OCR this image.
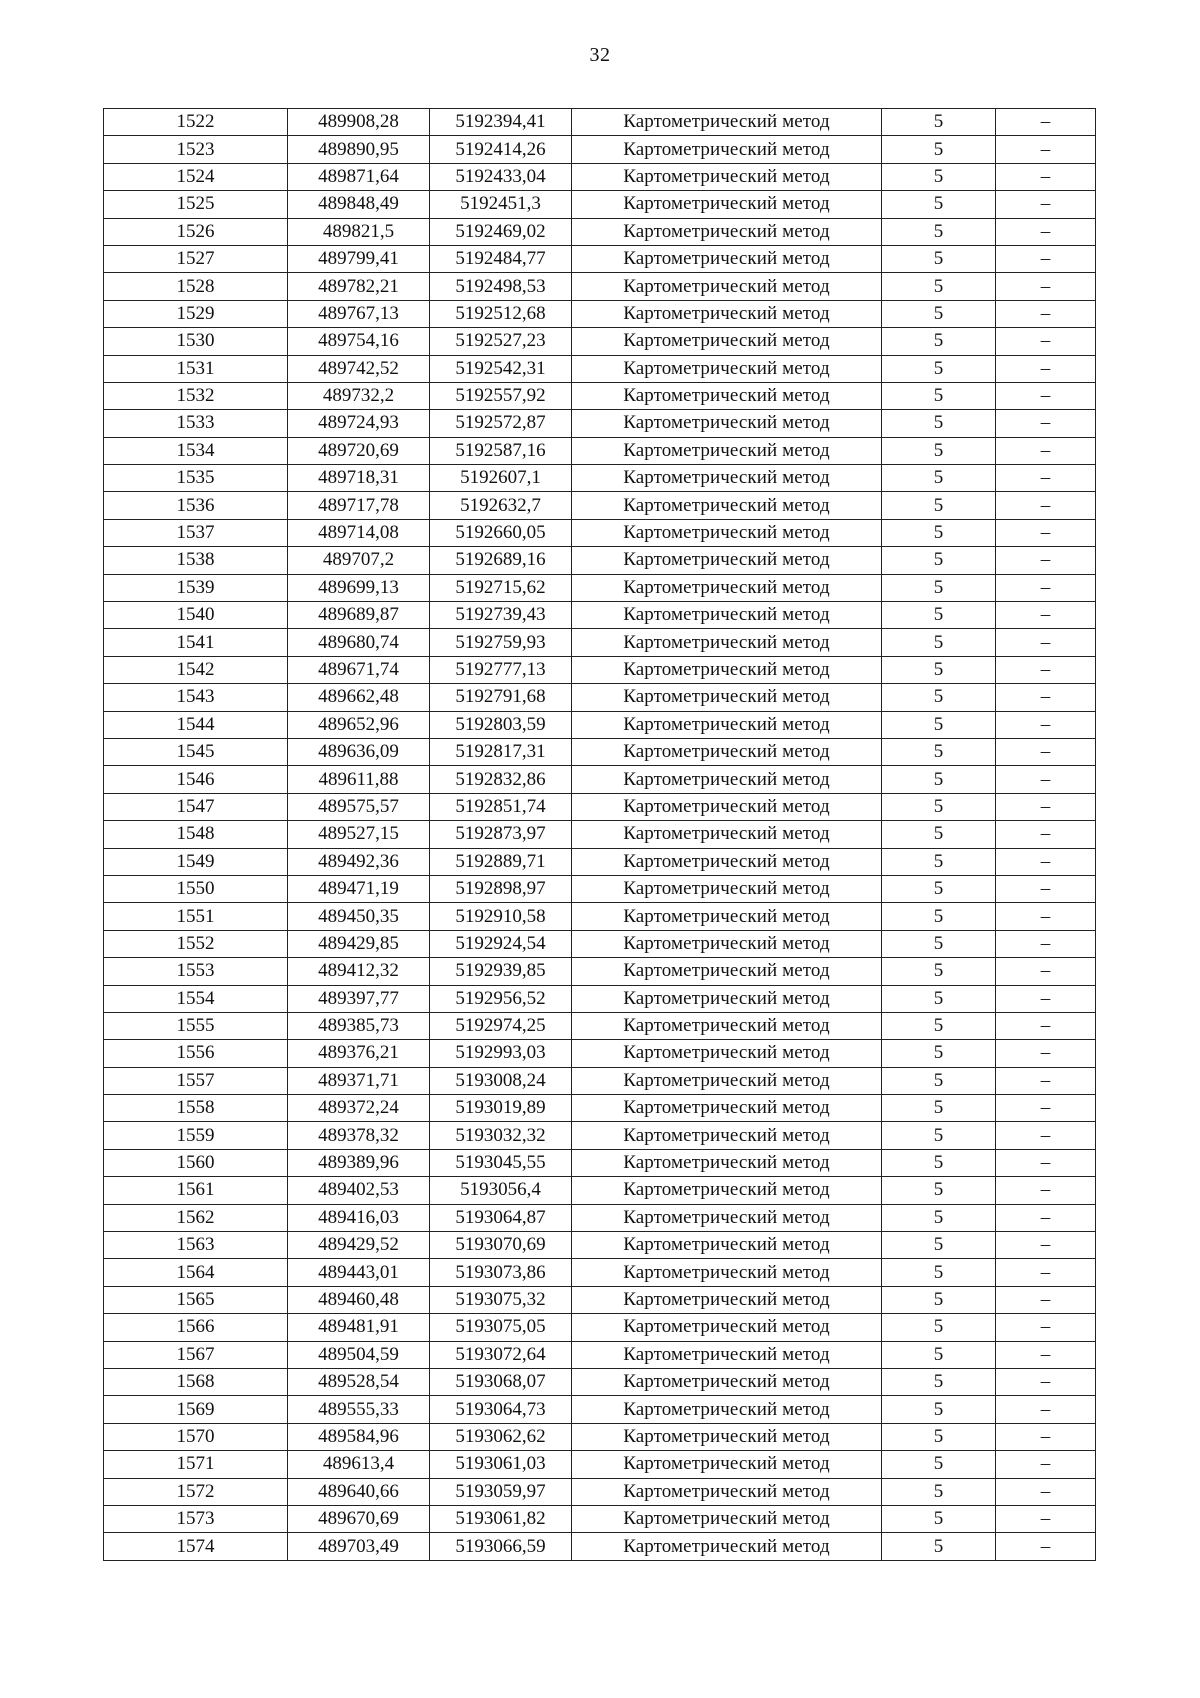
32
1522	489908,28	5192394,41	Картометрический метод	5	–
1523	489890,95	5192414,26	Картометрический метод	5	–
1524	489871,64	5192433,04	Картометрический метод	5	–
1525	489848,49	5192451,3	Картометрический метод	5	–
1526	489821,5	5192469,02	Картометрический метод	5	–
1527	489799,41	5192484,77	Картометрический метод	5	–
1528	489782,21	5192498,53	Картометрический метод	5	–
1529	489767,13	5192512,68	Картометрический метод	5	–
1530	489754,16	5192527,23	Картометрический метод	5	–
1531	489742,52	5192542,31	Картометрический метод	5	–
1532	489732,2	5192557,92	Картометрический метод	5	–
1533	489724,93	5192572,87	Картометрический метод	5	–
1534	489720,69	5192587,16	Картометрический метод	5	–
1535	489718,31	5192607,1	Картометрический метод	5	–
1536	489717,78	5192632,7	Картометрический метод	5	–
1537	489714,08	5192660,05	Картометрический метод	5	–
1538	489707,2	5192689,16	Картометрический метод	5	–
1539	489699,13	5192715,62	Картометрический метод	5	–
1540	489689,87	5192739,43	Картометрический метод	5	–
1541	489680,74	5192759,93	Картометрический метод	5	–
1542	489671,74	5192777,13	Картометрический метод	5	–
1543	489662,48	5192791,68	Картометрический метод	5	–
1544	489652,96	5192803,59	Картометрический метод	5	–
1545	489636,09	5192817,31	Картометрический метод	5	–
1546	489611,88	5192832,86	Картометрический метод	5	–
1547	489575,57	5192851,74	Картометрический метод	5	–
1548	489527,15	5192873,97	Картометрический метод	5	–
1549	489492,36	5192889,71	Картометрический метод	5	–
1550	489471,19	5192898,97	Картометрический метод	5	–
1551	489450,35	5192910,58	Картометрический метод	5	–
1552	489429,85	5192924,54	Картометрический метод	5	–
1553	489412,32	5192939,85	Картометрический метод	5	–
1554	489397,77	5192956,52	Картометрический метод	5	–
1555	489385,73	5192974,25	Картометрический метод	5	–
1556	489376,21	5192993,03	Картометрический метод	5	–
1557	489371,71	5193008,24	Картометрический метод	5	–
1558	489372,24	5193019,89	Картометрический метод	5	–
1559	489378,32	5193032,32	Картометрический метод	5	–
1560	489389,96	5193045,55	Картометрический метод	5	–
1561	489402,53	5193056,4	Картометрический метод	5	–
1562	489416,03	5193064,87	Картометрический метод	5	–
1563	489429,52	5193070,69	Картометрический метод	5	–
1564	489443,01	5193073,86	Картометрический метод	5	–
1565	489460,48	5193075,32	Картометрический метод	5	–
1566	489481,91	5193075,05	Картометрический метод	5	–
1567	489504,59	5193072,64	Картометрический метод	5	–
1568	489528,54	5193068,07	Картометрический метод	5	–
1569	489555,33	5193064,73	Картометрический метод	5	–
1570	489584,96	5193062,62	Картометрический метод	5	–
1571	489613,4	5193061,03	Картометрический метод	5	–
1572	489640,66	5193059,97	Картометрический метод	5	–
1573	489670,69	5193061,82	Картометрический метод	5	–
1574	489703,49	5193066,59	Картометрический метод	5	–
